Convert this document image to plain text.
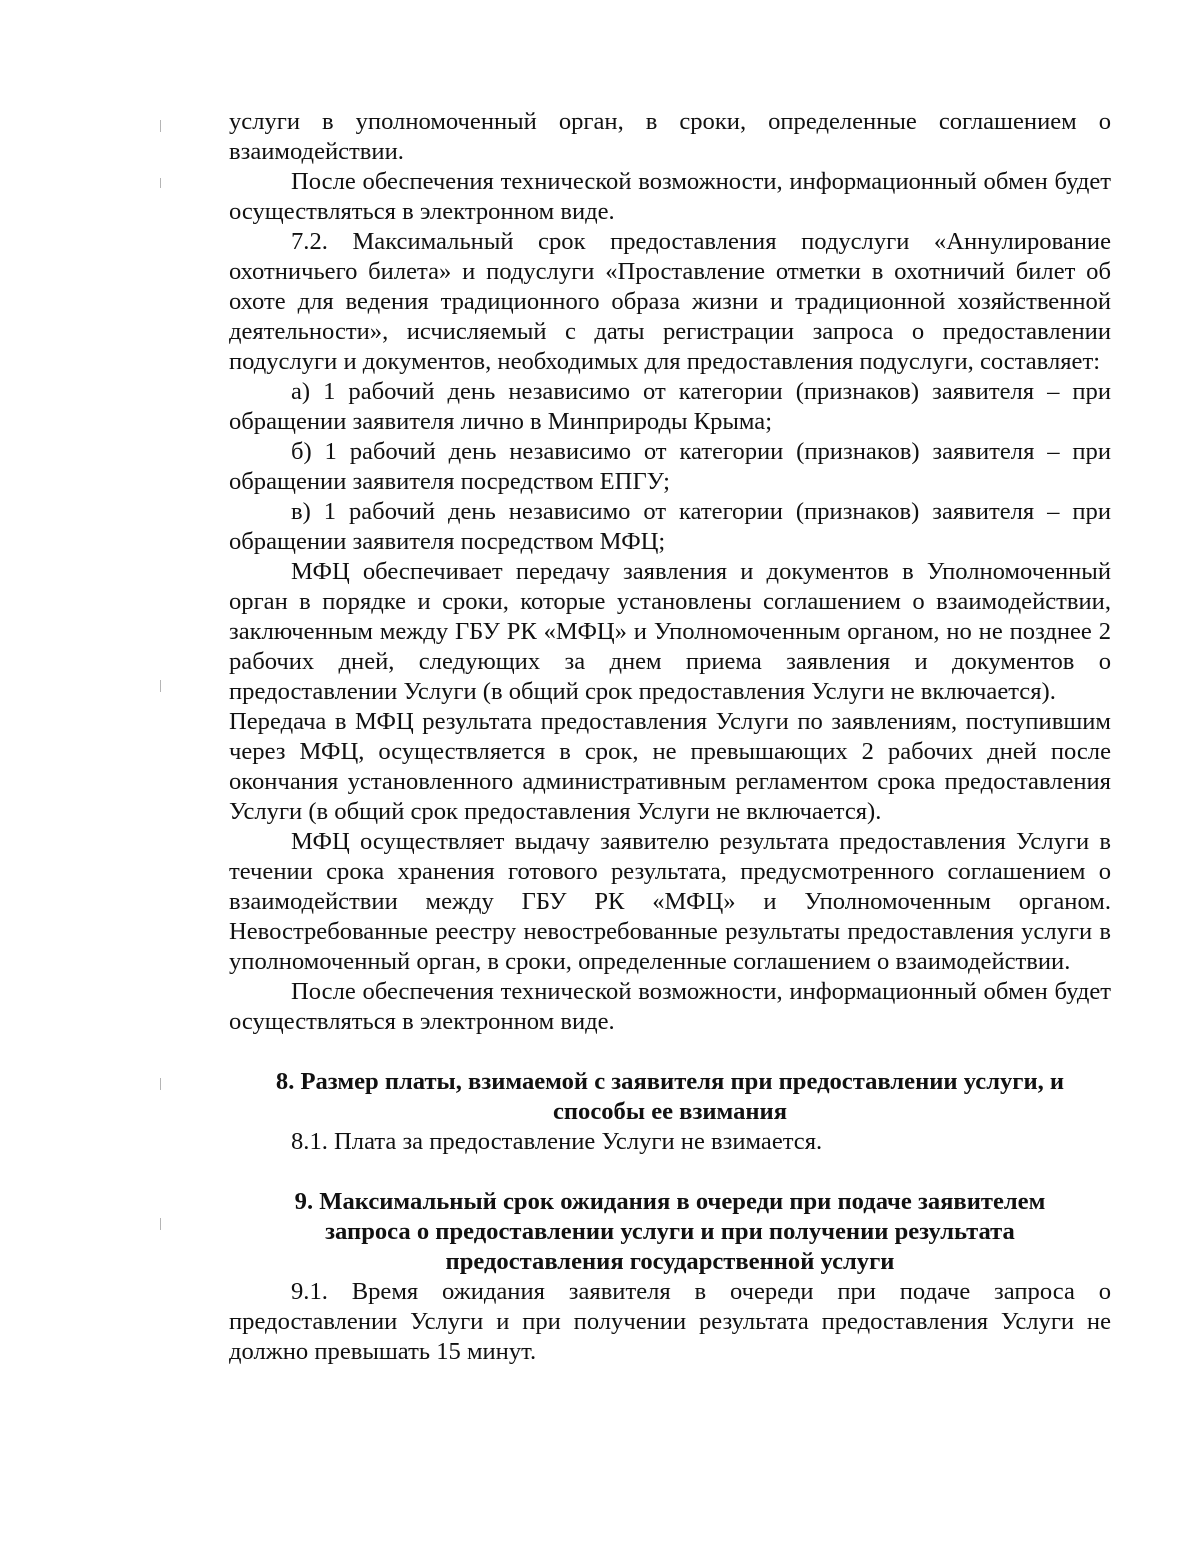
услуги в уполномоченный орган, в сроки, определенные соглашением о взаимодействии.

После обеспечения технической возможности, информационный обмен будет осуществляться в электронном виде.

7.2. Максимальный срок предоставления подуслуги «Аннулирование охотничьего билета» и подуслуги «Проставление отметки в охотничий билет об охоте для ведения традиционного образа жизни и традиционной хозяйственной деятельности», исчисляемый с даты регистрации запроса о предоставлении подуслуги и документов, необходимых для предоставления подуслуги, составляет:

а) 1 рабочий день независимо от категории (признаков) заявителя – при обращении заявителя лично в Минприроды Крыма;

б) 1 рабочий день независимо от категории (признаков) заявителя – при обращении заявителя посредством ЕПГУ;

в) 1 рабочий день независимо от категории (признаков) заявителя – при обращении заявителя посредством МФЦ;

МФЦ обеспечивает передачу заявления и документов в Уполномоченный орган в порядке и сроки, которые установлены соглашением о взаимодействии, заключенным между ГБУ РК «МФЦ» и Уполномоченным органом, но не позднее 2 рабочих дней, следующих за днем приема заявления и документов о предоставлении Услуги (в общий срок предоставления Услуги не включается).

Передача в МФЦ результата предоставления Услуги по заявлениям, поступившим через МФЦ, осуществляется в срок, не превышающих 2 рабочих дней после окончания установленного административным регламентом срока предоставления Услуги (в общий срок предоставления Услуги не включается).

МФЦ осуществляет выдачу заявителю результата предоставления Услуги в течении срока хранения готового результата, предусмотренного соглашением о взаимодействии между ГБУ РК «МФЦ» и Уполномоченным органом. Невостребованные реестру невостребованные результаты предоставления услуги в уполномоченный орган, в сроки, определенные соглашением о взаимодействии.

После обеспечения технической возможности, информационный обмен будет осуществляться в электронном виде.

8. Размер платы, взимаемой с заявителя при предоставлении услуги, и способы ее взимания

8.1. Плата за предоставление Услуги не взимается.

9. Максимальный срок ожидания в очереди при подаче заявителем
запроса о предоставлении услуги и при получении результата
предоставления государственной услуги

9.1. Время ожидания заявителя в очереди при подаче запроса о предоставлении Услуги и при получении результата предоставления Услуги не должно превышать 15 минут.
